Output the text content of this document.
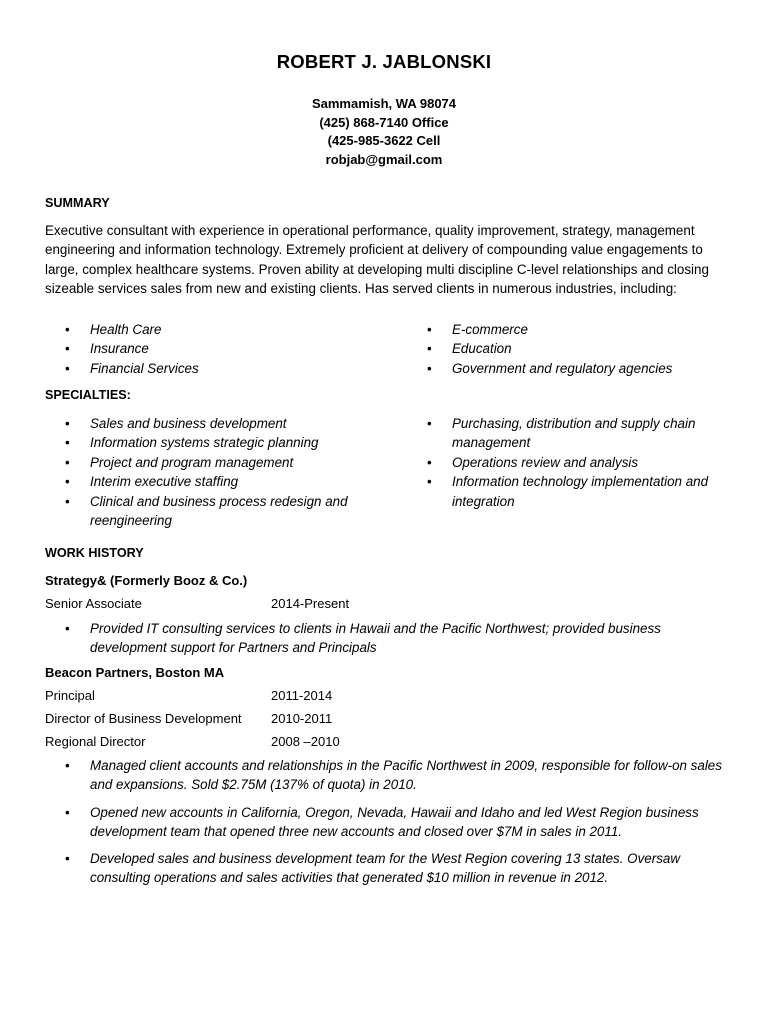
ROBERT J. JABLONSKI
Sammamish, WA 98074
(425) 868-7140 Office
(425-985-3622 Cell
robjab@gmail.com
SUMMARY
Executive consultant with experience in operational performance, quality improvement, strategy, management engineering and information technology. Extremely proficient at delivery of compounding value engagements to large, complex healthcare systems. Proven ability at developing multi discipline C-level relationships and closing sizeable services sales from new and existing clients. Has served clients in numerous industries, including:
• Health Care
• Insurance
• Financial Services
• E-commerce
• Education
• Government and regulatory agencies
SPECIALTIES:
• Sales and business development
• Information systems strategic planning
• Project and program management
• Interim executive staffing
• Clinical and business process redesign and reengineering
• Purchasing, distribution and supply chain management
• Operations review and analysis
• Information technology implementation and integration
WORK HISTORY
Strategy& (Formerly Booz & Co.)
Senior Associate	2014-Present
• Provided IT consulting services to clients in Hawaii and the Pacific Northwest; provided business development support for Partners and Principals
Beacon Partners, Boston MA
Principal	2011-2014
Director of Business Development 2010-2011
Regional Director	2008 –2010
• Managed client accounts and relationships in the Pacific Northwest in 2009, responsible for follow-on sales and expansions. Sold $2.75M (137% of quota) in 2010.
• Opened new accounts in California, Oregon, Nevada, Hawaii and Idaho and led West Region business development team that opened three new accounts and closed over $7M in sales in 2011.
• Developed sales and business development team for the West Region covering 13 states. Oversaw consulting operations and sales activities that generated $10 million in revenue in 2012.
